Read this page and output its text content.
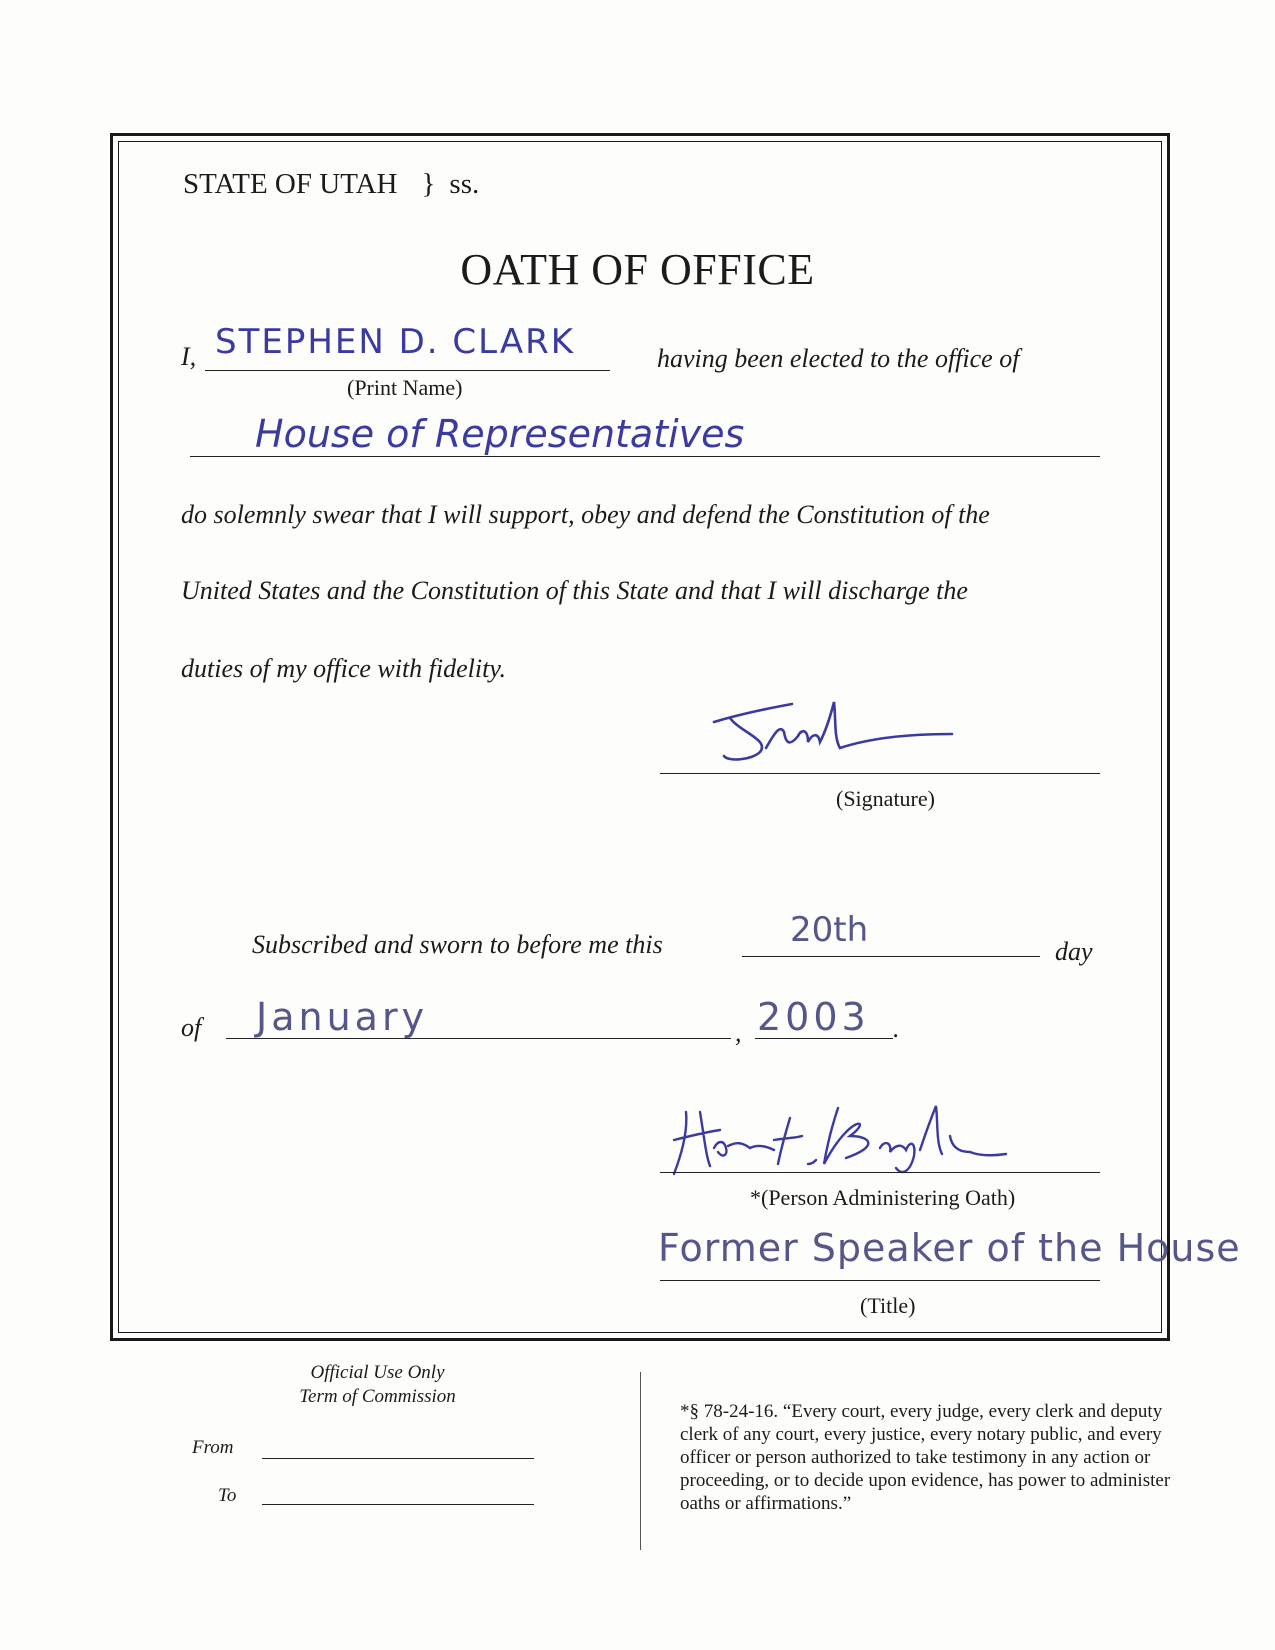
STATE OF UTAH } ss.
OATH OF OFFICE
I, STEPHEN D. CLARK
(Print Name)
having been elected to the office of
House of Representatives
do solemnly swear that I will support, obey and defend the Constitution of the
United States and the Constitution of this State and that I will discharge the
duties of my office with fidelity.
(Signature)
Subscribed and sworn to before me this	20th
day
of January	, 2003 .
*(Person Administering Oath)
Former Speaker of the House
(Title)
Official Use Only
Term of Commission
From
To
*§ 78-24-16. “Every court, every judge, every clerk and deputy clerk of any court, every justice, every notary public, and every officer or person authorized to take testimony in any action or proceeding, or to decide upon evidence, has power to administer oaths or affirmations.”
